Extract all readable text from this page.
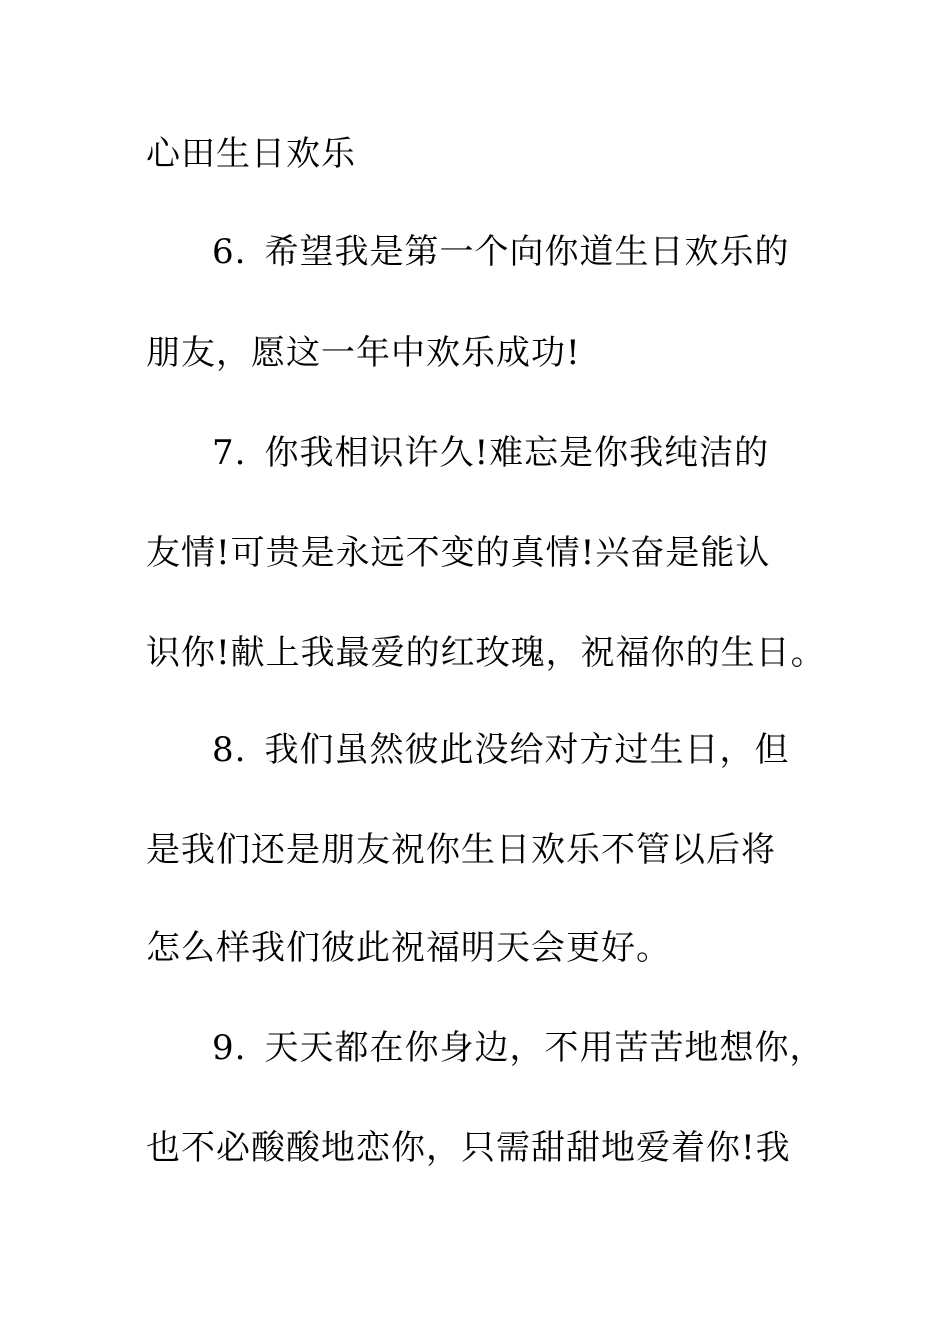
心田生日欢乐

6. 希望我是第一个向你道生日欢乐的

朋友，愿这一年中欢乐成功!

7. 你我相识许久!难忘是你我纯洁的

友情!可贵是永远不变的真情!兴奋是能认

识你!献上我最爱的红玫瑰，祝福你的生日。

8. 我们虽然彼此没给对方过生日，但

是我们还是朋友祝你生日欢乐不管以后将

怎么样我们彼此祝福明天会更好。

9. 天天都在你身边，不用苦苦地想你，

也不必酸酸地恋你，只需甜甜地爱着你!我
